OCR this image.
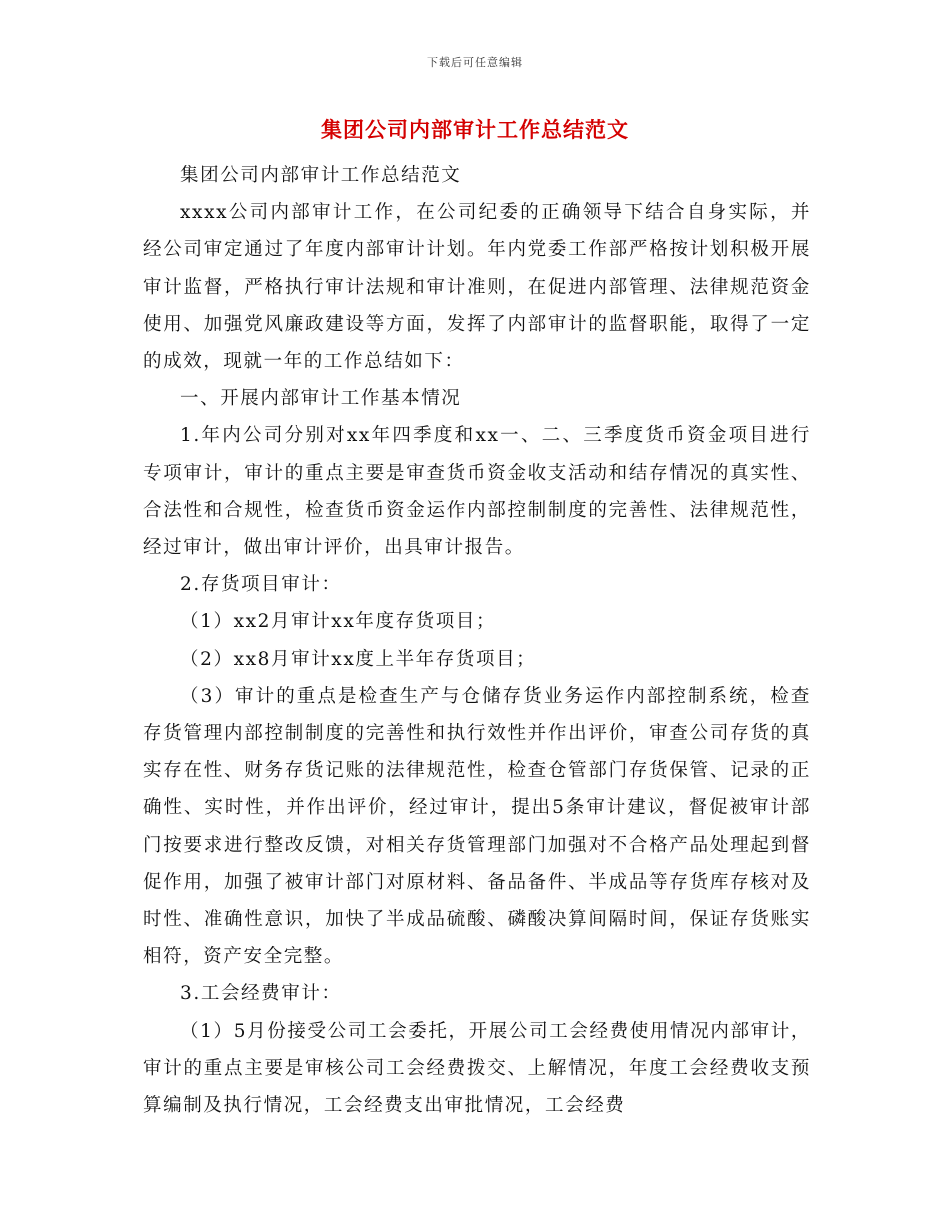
下载后可任意编辑
集团公司内部审计工作总结范文

集团公司内部审计工作总结范文

xxxx公司内部审计工作，在公司纪委的正确领导下结合自身实际，并经公司审定通过了年度内部审计计划。年内党委工作部严格按计划积极开展审计监督，严格执行审计法规和审计准则，在促进内部管理、法律规范资金使用、加强党风廉政建设等方面，发挥了内部审计的监督职能，取得了一定的成效，现就一年的工作总结如下：

一、开展内部审计工作基本情况

1.年内公司分别对xx年四季度和xx一、二、三季度货币资金项目进行专项审计，审计的重点主要是审查货币资金收支活动和结存情况的真实性、合法性和合规性，检查货币资金运作内部控制制度的完善性、法律规范性，经过审计，做出审计评价，出具审计报告。

2.存货项目审计：

（1）xx2月审计xx年度存货项目；

（2）xx8月审计xx度上半年存货项目；

（3）审计的重点是检查生产与仓储存货业务运作内部控制系统，检查存货管理内部控制制度的完善性和执行效性并作出评价，审查公司存货的真实存在性、财务存货记账的法律规范性，检查仓管部门存货保管、记录的正确性、实时性，并作出评价，经过审计，提出5条审计建议，督促被审计部门按要求进行整改反馈，对相关存货管理部门加强对不合格产品处理起到督促作用，加强了被审计部门对原材料、备品备件、半成品等存货库存核对及时性、准确性意识，加快了半成品硫酸、磷酸决算间隔时间，保证存货账实相符，资产安全完整。

3.工会经费审计：

（1）5月份接受公司工会委托，开展公司工会经费使用情况内部审计，审计的重点主要是审核公司工会经费拨交、上解情况，年度工会经费收支预算编制及执行情况，工会经费支出审批情况，工会经费
